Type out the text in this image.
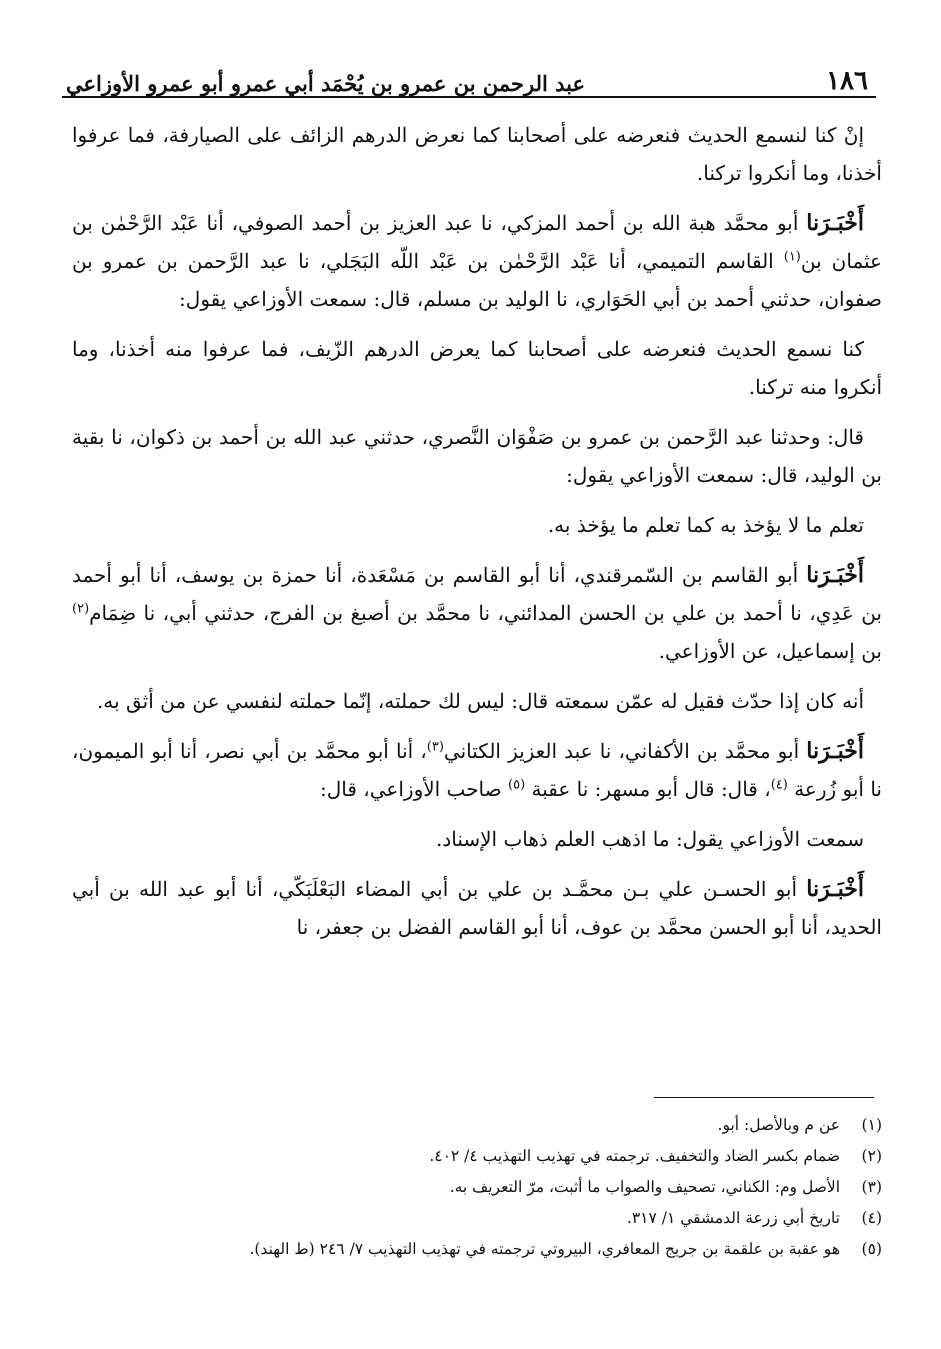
١٨٦
عبد الرحمن بن عمرو بن يُحْمَد أبي عمرو أبو عمرو الأوزاعي

إنْ كنا لنسمع الحديث فنعرضه على أصحابنا كما نعرض الدرهم الزائف على الصيارفة، فما عرفوا أخذنا، وما أنكروا تركنا.

أَخْبَـرَنا أبو محمَّد هبة الله بن أحمد المزكي، نا عبد العزيز بن أحمد الصوفي، أنا عَبْد الرَّحْمٰن بن عثمان بن$^{(١)}$ القاسم التميمي، أنا عَبْد الرَّحْمٰن بن عَبْد اللّه البَجَلي، نا عبد الرَّحمن بن عمرو بن صفوان، حدثني أحمد بن أبي الحَوَاري، نا الوليد بن مسلم، قال: سمعت الأوزاعي يقول:

كنا نسمع الحديث فنعرضه على أصحابنا كما يعرض الدرهم الزّيف، فما عرفوا منه أخذنا، وما أنكروا منه تركنا.

قال: وحدثنا عبد الرَّحمن بن عمرو بن صَفْوَان النَّصري، حدثني عبد الله بن أحمد بن ذكوان، نا بقية بن الوليد، قال: سمعت الأوزاعي يقول:

تعلم ما لا يؤخذ به كما تعلم ما يؤخذ به.

أَخْبَـرَنا أبو القاسم بن السّمرقندي، أنا أبو القاسم بن مَسْعَدة، أنا حمزة بن يوسف، أنا أبو أحمد بن عَدِي، نا أحمد بن علي بن الحسن المدائني، نا محمَّد بن أصبغ بن الفرج، حدثني أبي، نا ضِمَام$^{(٢)}$ بن إسماعيل، عن الأوزاعي.

أنه كان إذا حدّث فقيل له عمّن سمعته قال: ليس لك حملته، إنّما حملته لنفسي عن من أثق به.

أَخْبَـرَنا أبو محمَّد بن الأكفاني، نا عبد العزيز الكتاني$^{(٣)}$، أنا أبو محمَّد بن أبي نصر، أنا أبو الميمون، نا أبو زُرعة $^{(٤)}$، قال: قال أبو مسهر: نا عقبة $^{(٥)}$ صاحب الأوزاعي، قال:

سمعت الأوزاعي يقول: ما اذهب العلم ذهاب الإسناد.

أَخْبَـرَنا أبو الحسـن علي بـن محمَّـد بن علي بن أبي المضاء البَعْلَبَكّي، أنا أبو عبد الله بن أبي الحديد، أنا أبو الحسن محمَّد بن عوف، أنا أبو القاسم الفضل بن جعفر، نا

(١)
عن م وبالأصل: أبو.
(٢)
ضمام بكسر الضاد والتخفيف. ترجمته في تهذيب التهذيب ٤/ ٤٠٢.
(٣)
الأصل وم: الكناني، تصحيف والصواب ما أثبت، مرّ التعريف به.
(٤)
تاريخ أبي زرعة الدمشقي ١/ ٣١٧.
(٥)
هو عقبة بن علقمة بن جريج المعافري، البيروتي ترجمته في تهذيب التهذيب ٧/ ٢٤٦ (ط الهند).
